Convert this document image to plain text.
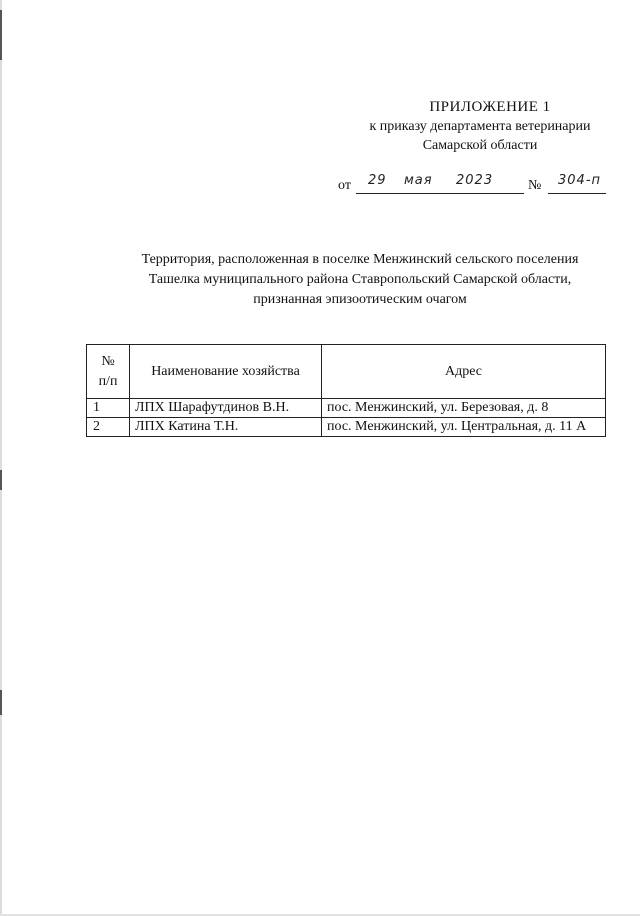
ПРИЛОЖЕНИЕ 1
к приказу департамента ветеринарии
Самарской области
от 29 мая 2023 № 304-п
Территория, расположенная в поселке Менжинский сельского поселения
Ташелка муниципального района Ставропольский Самарской области,
признанная эпизоотическим очагом
№
п/п	Наименование хозяйства	Адрес
1	ЛПХ Шарафутдинов В.Н.	пос. Менжинский, ул. Березовая, д. 8
2	ЛПХ Катина Т.Н.	пос. Менжинский, ул. Центральная, д. 11 А
